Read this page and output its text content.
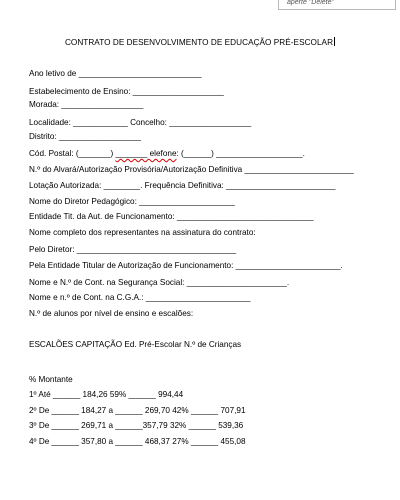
aperte "Delete"
CONTRATO DE DESENVOLVIMENTO DE EDUCAÇÃO PRÉ-ESCOLAR
Ano letivo de ___________________________
Estabelecimento de Ensino: ____________________
Morada: __________________
Localidade: ____________ Concelho: __________________
Distrito: __________________
Cód. Postal: (_______) _______ elefone: (______) ___________________.
N.º do Alvará/Autorização Provisória/Autorização Definitiva ________________________
Lotação Autorizada: ________. Frequência Definitiva: ________________________
Nome do Diretor Pedagógico: _____________________
Entidade Tit. da Aut. de Funcionamento: ______________________________
Nome completo dos representantes na assinatura do contrato:
Pelo Diretor: ___________________________________
Pela Entidade Titular de Autorização de Funcionamento: _______________________.
Nome e N.º de Cont. na Segurança Social: ______________________.
Nome e n.º de Cont. na C.G.A.: _______________________
N.º de alunos por nível de ensino e escalões:
ESCALÕES CAPITAÇÃO Ed. Pré-Escolar N.º de Crianças
% Montante
1º Até ______ 184,26 59% ______ 994,44
2º De ______ 184,27 a ______ 269,70 42% ______ 707,91
3º De ______ 269,71 a ______357,79 32% ______ 539,36
4º De ______ 357,80 a ______ 468,37 27% ______ 455,08
